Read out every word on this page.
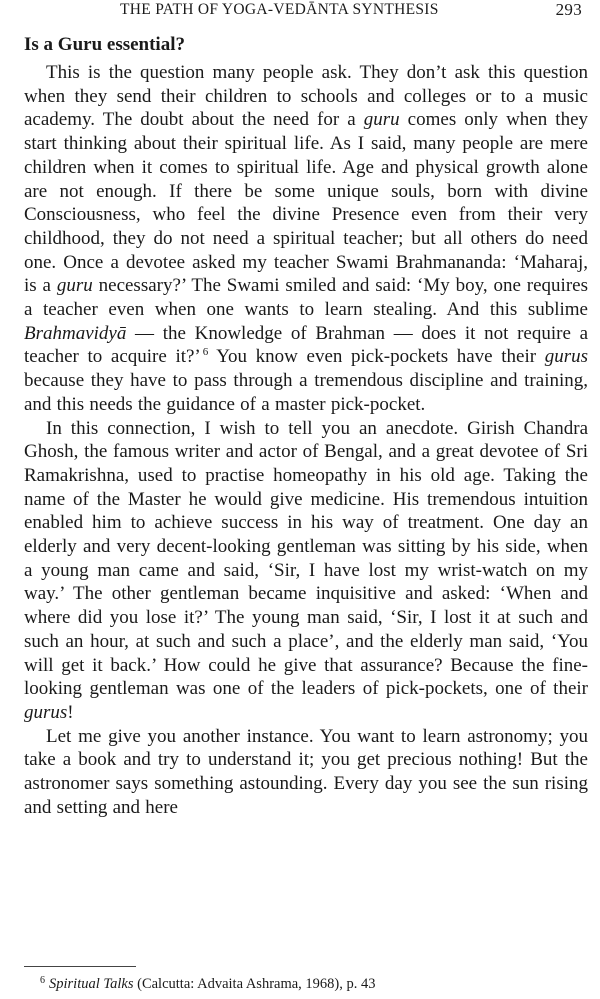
THE PATH OF YOGA-VEDĀNTA SYNTHESIS	293
Is a Guru essential?

This is the question many people ask. They don’t ask this question when they send their children to schools and colleges or to a music academy. The doubt about the need for a guru comes only when they start thinking about their spiritual life. As I said, many people are mere children when it comes to spiritual life. Age and physical growth alone are not enough. If there be some unique souls, born with divine Consciousness, who feel the divine Presence even from their very childhood, they do not need a spiritual teacher; but all others do need one. Once a devotee asked my teacher Swami Brahmananda: ‘Maharaj, is a guru necessary?’ The Swami smiled and said: ‘My boy, one requires a teacher even when one wants to learn stealing. And this sublime Brahmavidyā — the Knowledge of Brahman — does it not require a teacher to acquire it?’ $^6$ You know even pick-pockets have their gurus because they have to pass through a tremendous discipline and training, and this needs the guidance of a master pick-pocket.

In this connection, I wish to tell you an anecdote. Girish Chandra Ghosh, the famous writer and actor of Bengal, and a great devotee of Sri Ramakrishna, used to practise homeopathy in his old age. Taking the name of the Master he would give medicine. His tremendous intuition enabled him to achieve success in his way of treatment. One day an elderly and very decent-looking gentleman was sitting by his side, when a young man came and said, ‘Sir, I have lost my wrist-watch on my way.’ The other gentleman became inquisitive and asked: ‘When and where did you lose it?’ The young man said, ‘Sir, I lost it at such and such an hour, at such and such a place’, and the elderly man said, ‘You will get it back.’ How could he give that assurance? Because the fine-looking gentleman was one of the leaders of pick-pockets, one of their gurus!

Let me give you another instance. You want to learn astronomy; you take a book and try to understand it; you get precious nothing! But the astronomer says something astounding. Every day you see the sun rising and setting and here

$^6$ Spiritual Talks (Calcutta: Advaita Ashrama, 1968), p. 43
